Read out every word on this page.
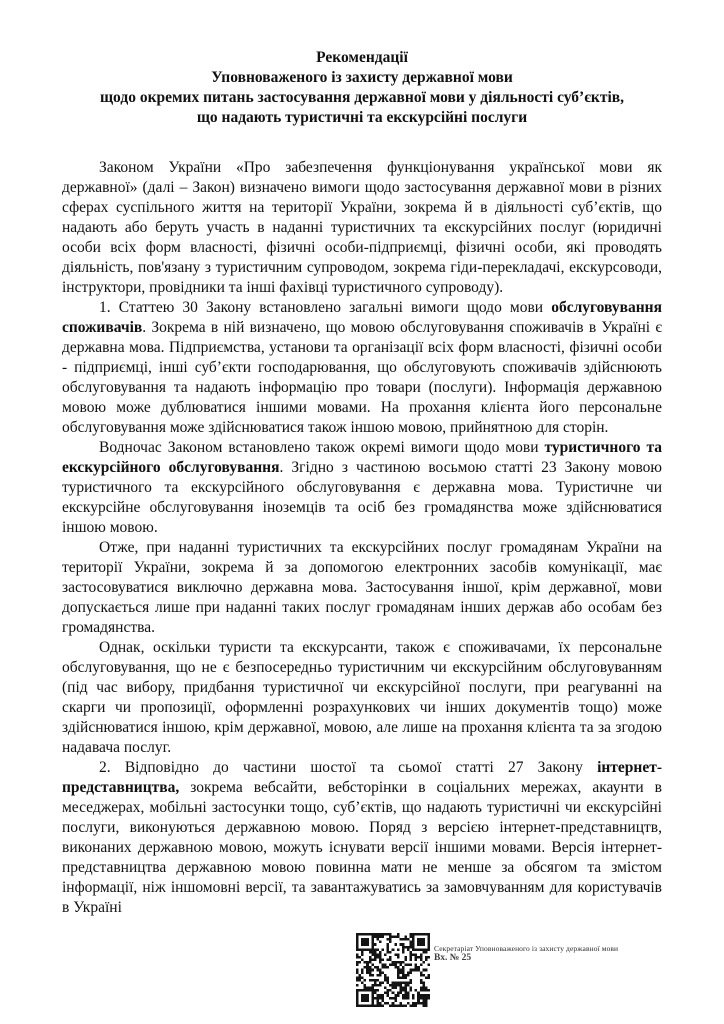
Рекомендації
Уповноваженого із захисту державної мови
щодо окремих питань застосування державної мови у діяльності суб’єктів,
що надають туристичні та екскурсійні послуги

Законом України «Про забезпечення функціонування української мови як державної» (далі – Закон) визначено вимоги щодо застосування державної мови в різних сферах суспільного життя на території України, зокрема й в діяльності суб’єктів, що надають або беруть участь в наданні туристичних та екскурсійних послуг (юридичні особи всіх форм власності, фізичні особи-підприємці, фізичні особи, які проводять діяльність, пов'язану з туристичним супроводом, зокрема гіди-перекладачі, екскурсоводи, інструктори, провідники та інші фахівці туристичного супроводу).

1. Статтею 30 Закону встановлено загальні вимоги щодо мови обслуговування споживачів. Зокрема в ній визначено, що мовою обслуговування споживачів в Україні є державна мова. Підприємства, установи та організації всіх форм власності, фізичні особи - підприємці, інші суб’єкти господарювання, що обслуговують споживачів здійснюють обслуговування та надають інформацію про товари (послуги). Інформація державною мовою може дублюватися іншими мовами. На прохання клієнта його персональне обслуговування може здійснюватися також іншою мовою, прийнятною для сторін.

Водночас Законом встановлено також окремі вимоги щодо мови туристичного та екскурсійного обслуговування. Згідно з частиною восьмою статті 23 Закону мовою туристичного та екскурсійного обслуговування є державна мова. Туристичне чи екскурсійне обслуговування іноземців та осіб без громадянства може здійснюватися іншою мовою.

Отже, при наданні туристичних та екскурсійних послуг громадянам України на території України, зокрема й за допомогою електронних засобів комунікації, має застосовуватися виключно державна мова. Застосування іншої, крім державної, мови допускається лише при наданні таких послуг громадянам інших держав або особам без громадянства.

Однак, оскільки туристи та екскурсанти, також є споживачами, їх персональне обслуговування, що не є безпосередньо туристичним чи екскурсійним обслуговуванням (під час вибору, придбання туристичної чи екскурсійної послуги, при реагуванні на скарги чи пропозиції, оформленні розрахункових чи інших документів тощо) може здійснюватися іншою, крім державної, мовою, але лише на прохання клієнта та за згодою надавача послуг.

2. Відповідно до частини шостої та сьомої статті 27 Закону інтернет-представництва, зокрема вебсайти, вебсторінки в соціальних мережах, акаунти в меседжерах, мобільні застосунки тощо, суб’єктів, що надають туристичні чи екскурсійні послуги, виконуються державною мовою. Поряд з версією інтернет-представництв, виконаних державною мовою, можуть існувати версії іншими мовами. Версія інтернет-представництва державною мовою повинна мати не менше за обсягом та змістом інформації, ніж іншомовні версії, та завантажуватись за замовчуванням для користувачів в Україні

Секретаріат Уповноваженого із захисту державної мови
Вх. № 25
